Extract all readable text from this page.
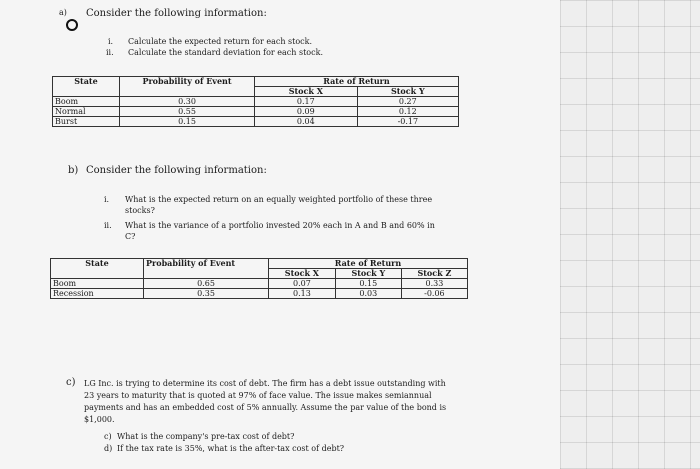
a) Consider the following information:
i. Calculate the expected return for each stock.
ii. Calculate the standard deviation for each stock.
State	Probability of Event	Rate of Return	
		Stock X	Stock Y
Boom	0.30	0.17	0.27
Normal	0.55	0.09	0.12
Burst	0.15	0.04	-0.17
b) Consider the following information:
i. What is the expected return on an equally weighted portfolio of these three
stocks?
ii. What is the variance of a portfolio invested 20% each in A and B and 60% in
C?
State	Probability of Event	Rate of Return		
		Stock X	Stock Y	Stock Z
Boom	0.65	0.07	0.15	0.33
Recession	0.35	0.13	0.03	-0.06
c) LG Inc. is trying to determine its cost of debt. The firm has a debt issue outstanding with
23 years to maturity that is quoted at 97% of face value. The issue makes semiannual
payments and has an embedded cost of 5% annually. Assume the par value of the bond is
$1,000.
c) What is the company's pre-tax cost of debt?
d) If the tax rate is 35%, what is the after-tax cost of debt?
